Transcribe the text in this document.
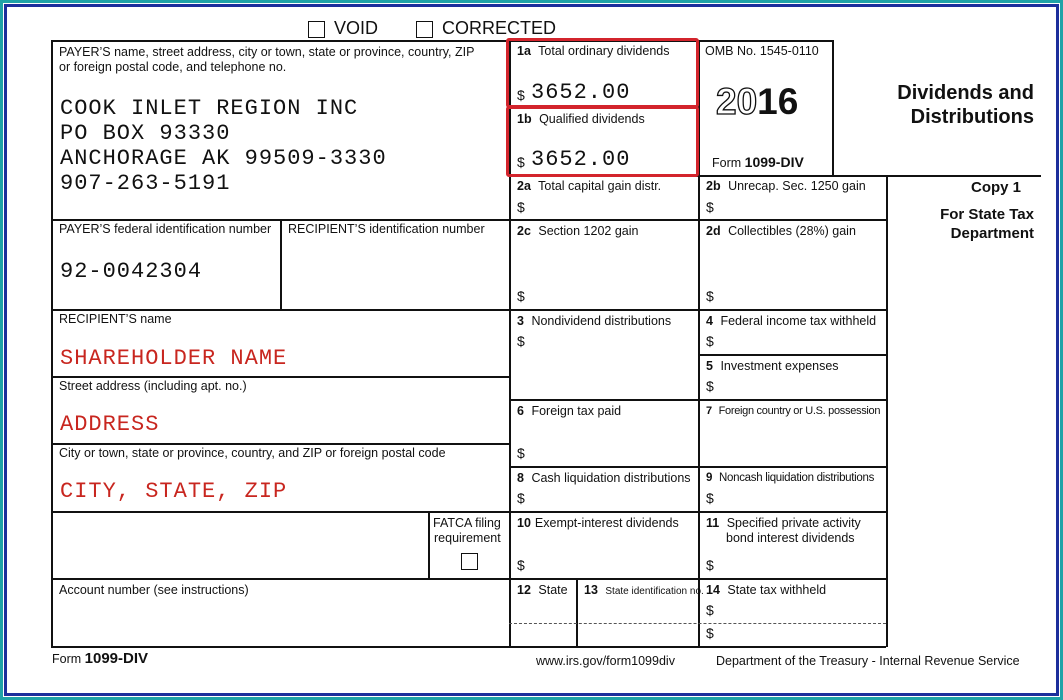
VOID	CORRECTED
PAYER’S name, street address, city or town, state or province, country, ZIP
or foreign postal code, and telephone no.
COOK INLET REGION INC
PO BOX 93330
ANCHORAGE AK 99509-3330
907-263-5191
PAYER’S federal identification number
92-0042304
RECIPIENT’S identification number
RECIPIENT’S name
SHAREHOLDER NAME
Street address (including apt. no.)
ADDRESS
City or town, state or province, country, and ZIP or foreign postal code
CITY, STATE, ZIP
FATCA filing
requirement
Account number (see instructions)
1a Total ordinary dividends
$ 3652.00
1b Qualified dividends
$ 3652.00
OMB No. 1545-0110
2016
Form 1099-DIV
Dividends and
Distributions
Copy 1
For State Tax
Department
2a Total capital gain distr.
$
2b Unrecap. Sec. 1250 gain
$
2c Section 1202 gain
$
2d Collectibles (28%) gain
$
3 Nondividend distributions
$
4 Federal income tax withheld
$
5 Investment expenses
$
6 Foreign tax paid
$
7 Foreign country or U.S. possession
8 Cash liquidation distributions
$
9 Noncash liquidation distributions
$
10 Exempt-interest dividends
$
11 Specified private activity
bond interest dividends
$
12 State 13 State identification no. 14 State tax withheld
$
$
Form 1099-DIV	www.irs.gov/form1099div	Department of the Treasury - Internal Revenue Service
